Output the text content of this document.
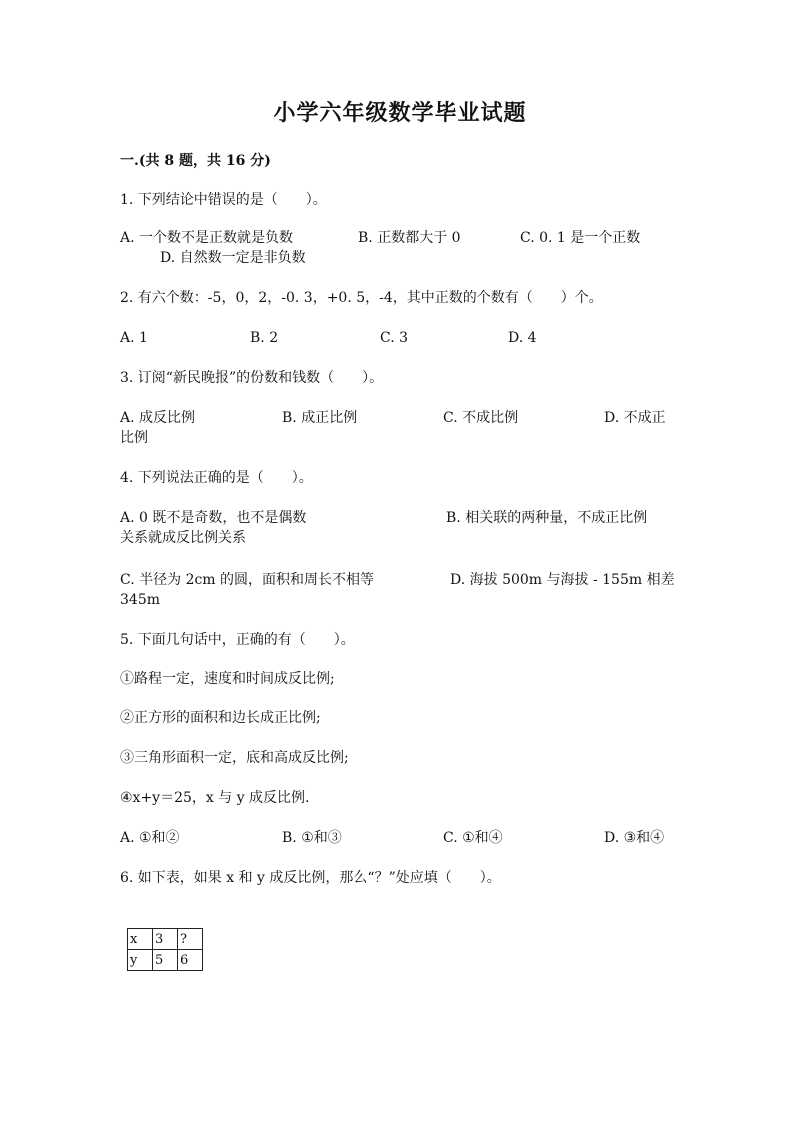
小学六年级数学毕业试题
一.(共 8 题，共 16 分)
1. 下列结论中错误的是（　　）。
A. 一个数不是正数就是负数	B. 正数都大于 0	C. 0. 1 是一个正数
D. 自然数一定是非负数
2. 有六个数：-5，0，2，-0. 3，+0. 5，-4，其中正数的个数有（　　）个。
A. 1	B. 2	C. 3	D. 4
3. 订阅“新民晚报”的份数和钱数（　　）。
A. 成反比例	B. 成正比例	C. 不成比例	D. 不成正
比例
4. 下列说法正确的是（　　）。
A. 0 既不是奇数，也不是偶数	B. 相关联的两种量，不成正比例
关系就成反比例关系
C. 半径为 2cm 的圆，面积和周长不相等	D. 海拔 500m 与海拔 - 155m 相差
345m
5. 下面几句话中，正确的有（　　）。
①路程一定，速度和时间成反比例;
②正方形的面积和边长成正比例;
③三角形面积一定，底和高成反比例;
④x+y＝25，x 与 y 成反比例.
A. ①和②	B. ①和③	C. ①和④	D. ③和④
6. 如下表，如果 x 和 y 成反比例，那么“？”处应填（　　）。
x	3	?
y	5	6
